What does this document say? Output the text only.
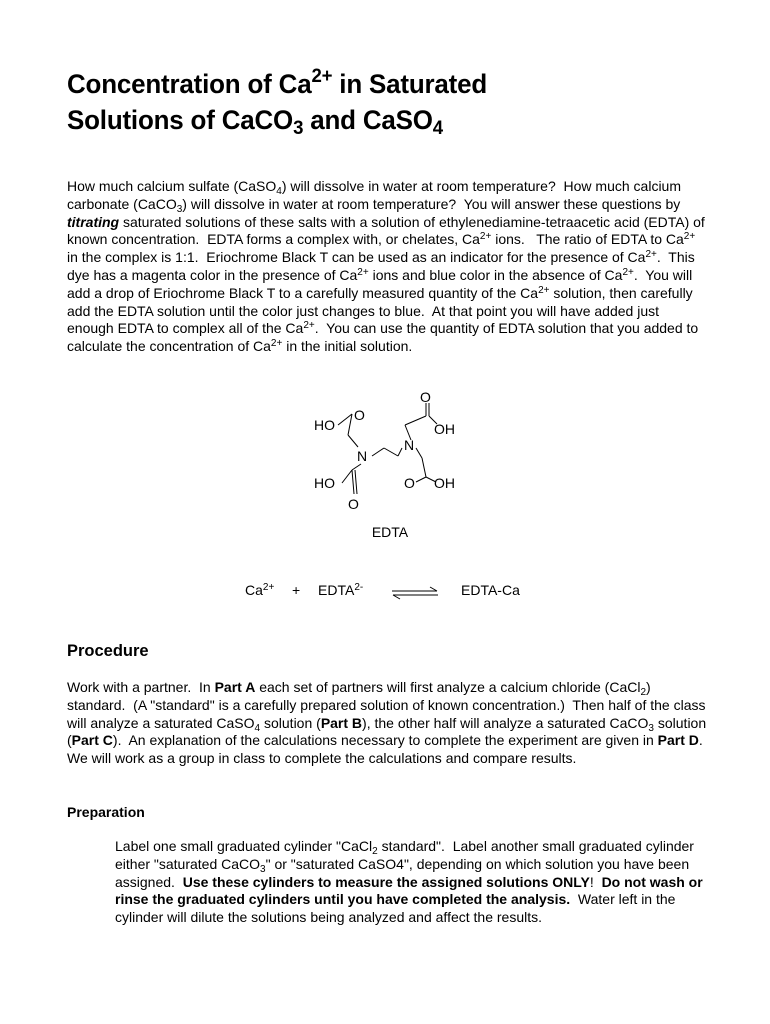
Concentration of $Ca^{2+}$ in Saturated
Solutions of CaCO$_3$ and CaSO$_4$

How much calcium sulfate (CaSO$_4$) will dissolve in water at room temperature?  How much calcium carbonate (CaCO$_3$) will dissolve in water at room temperature?  You will answer these questions by titrating saturated solutions of these salts with a solution of ethylenediamine-tetraacetic acid (EDTA) of known concentration.  EDTA forms a complex with, or chelates, $Ca^{2+}$ ions.   The ratio of EDTA to $Ca^{2+}$ in the complex is 1:1.  Eriochrome Black T can be used as an indicator for the presence of $Ca^{2+}$.  This dye has a magenta color in the presence of $Ca^{2+}$ ions and blue color in the absence of $Ca^{2+}$.  You will add a drop of Eriochrome Black T to a carefully measured quantity of the $Ca^{2+}$ solution, then carefully add the EDTA solution until the color just changes to blue.  At that point you will have added just enough EDTA to complex all of the $Ca^{2+}$.  You can use the quantity of EDTA solution that you added to calculate the concentration of $Ca^{2+}$ in the initial solution.

HO
O
O
OH
N
N
HO
O
O OH

EDTA

$Ca^{2+}$ + $EDTA^{2-}$ ⇌ EDTA-Ca
Procedure

Work with a partner.  In Part A each set of partners will first analyze a calcium chloride (CaCl$_2$) standard.  (A "standard" is a carefully prepared solution of known concentration.)  Then half of the class will analyze a saturated CaSO$_4$ solution (Part B), the other half will analyze a saturated CaCO$_3$ solution (Part C).  An explanation of the calculations necessary to complete the experiment are given in Part D.  We will work as a group in class to complete the calculations and compare results.

Preparation

Label one small graduated cylinder "CaCl$_2$ standard".  Label another small graduated cylinder either "saturated CaCO$_3$" or "saturated CaSO4", depending on which solution you have been assigned.  Use these cylinders to measure the assigned solutions ONLY!  Do not wash or rinse the graduated cylinders until you have completed the analysis.  Water left in the cylinder will dilute the solutions being analyzed and affect the results.
